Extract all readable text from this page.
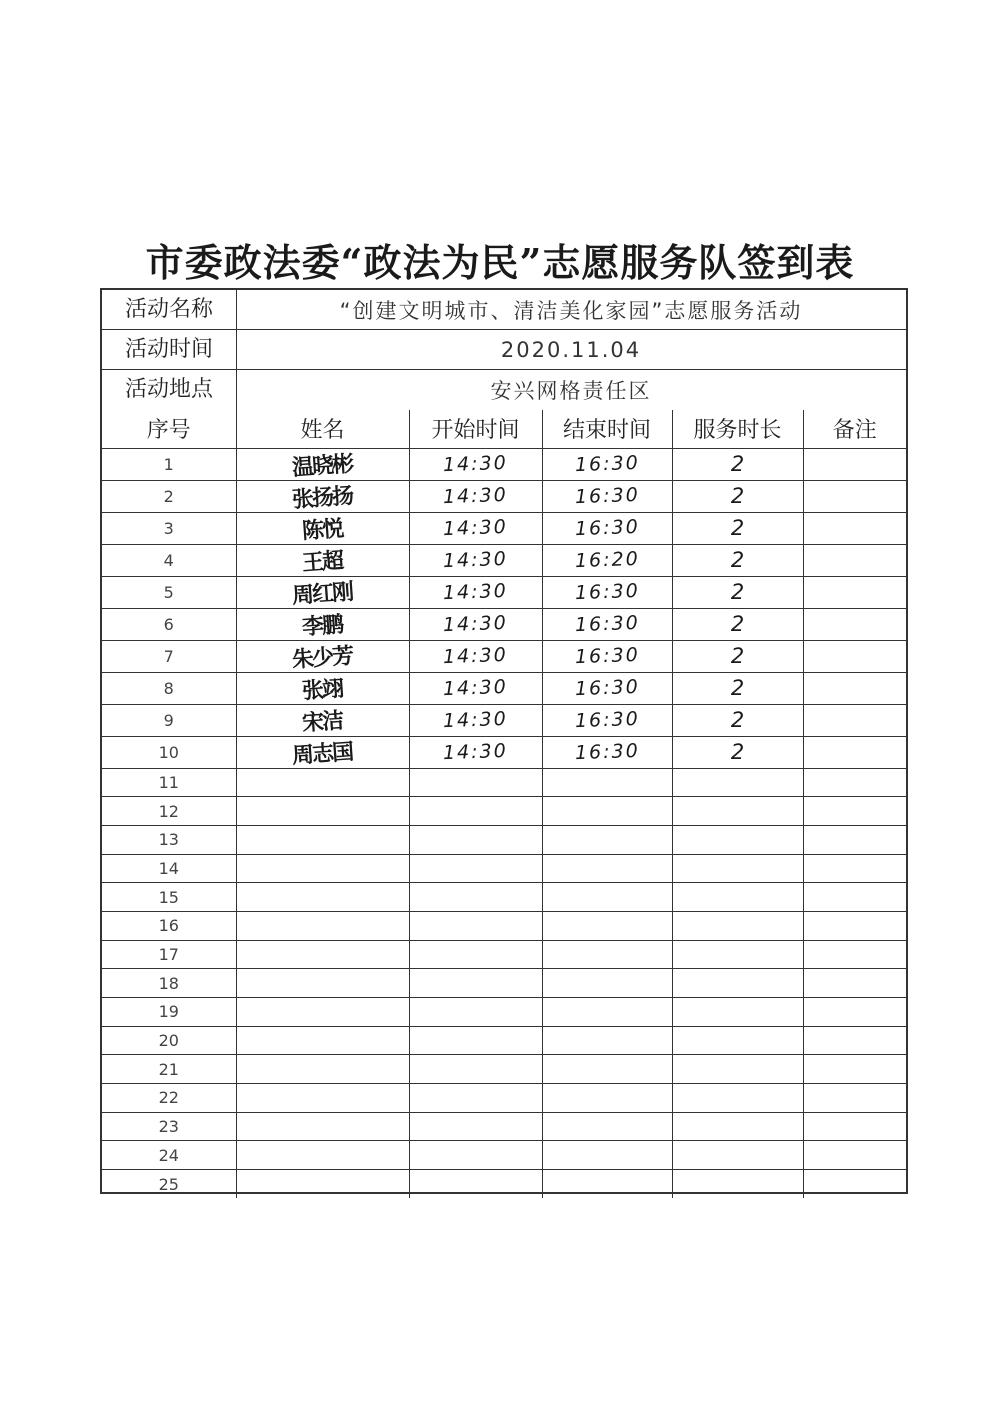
市委政法委“政法为民”志愿服务队签到表
活动名称	“创建文明城市、清洁美化家园”志愿服务活动
活动时间	2020.11.04
活动地点	安兴网格责任区
序号	姓名	开始时间	结束时间	服务时长	备注
1	温晓彬	14:30	16:30	2	
2	张扬扬	14:30	16:30	2	
3	陈悦	14:30	16:30	2	
4	王超	14:30	16:20	2	
5	周红刚	14:30	16:30	2	
6	李鹏	14:30	16:30	2	
7	朱少芳	14:30	16:30	2	
8	张翊	14:30	16:30	2	
9	宋洁	14:30	16:30	2	
10	周志国	14:30	16:30	2	
11					
12					
13					
14					
15					
16					
17					
18					
19					
20					
21					
22					
23					
24					
25					
